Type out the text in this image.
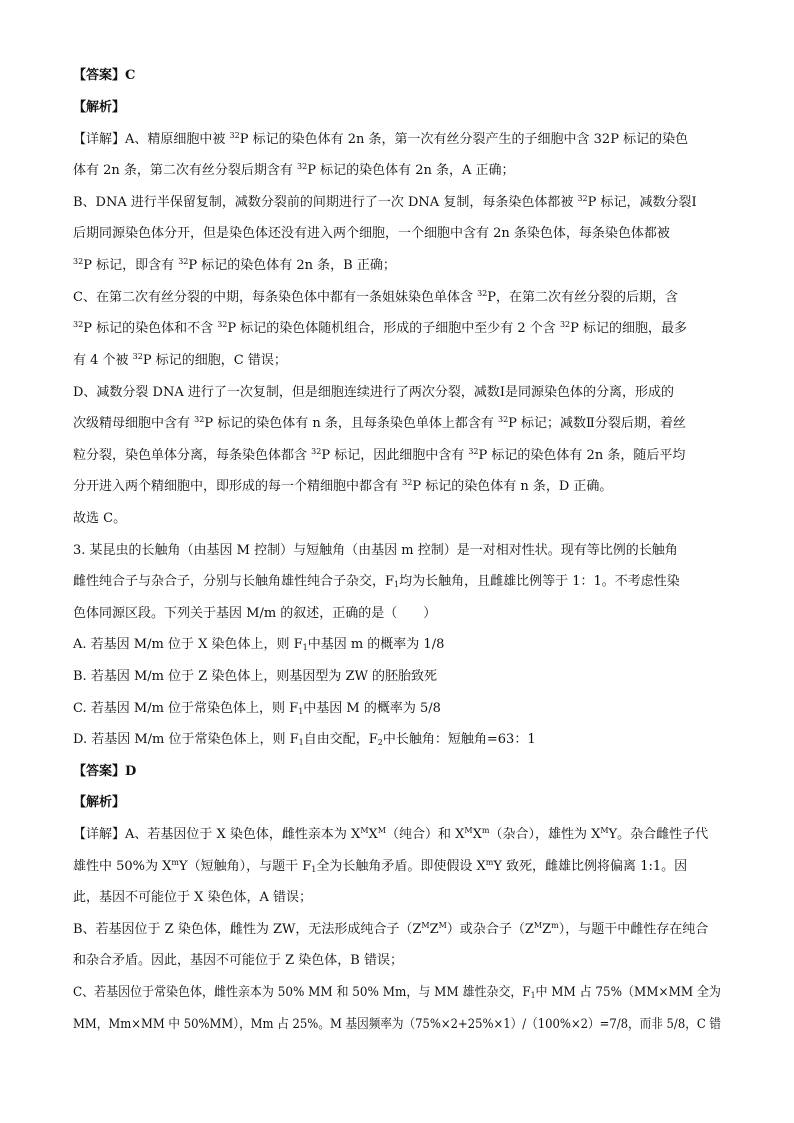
【答案】C
【解析】
【详解】A、精原细胞中被 $^{32}$P 标记的染色体有 2n 条，第一次有丝分裂产生的子细胞中含 32P 标记的染色
体有 2n 条，第二次有丝分裂后期含有 $^{32}$P 标记的染色体有 2n 条，A 正确；
B、DNA 进行半保留复制，减数分裂前的间期进行了一次 DNA 复制，每条染色体都被 $^{32}$P 标记，减数分裂Ⅰ
后期同源染色体分开，但是染色体还没有进入两个细胞，一个细胞中含有 2n 条染色体，每条染色体都被
$^{32}$P 标记，即含有 $^{32}$P 标记的染色体有 2n 条，B 正确；
C、在第二次有丝分裂的中期，每条染色体中都有一条姐妹染色单体含 $^{32}$P，在第二次有丝分裂的后期，含
$^{32}$P 标记的染色体和不含 $^{32}$P 标记的染色体随机组合，形成的子细胞中至少有 2 个含 $^{32}$P 标记的细胞，最多
有 4 个被 $^{32}$P 标记的细胞，C 错误；
D、减数分裂 DNA 进行了一次复制，但是细胞连续进行了两次分裂，减数Ⅰ是同源染色体的分离，形成的
次级精母细胞中含有 $^{32}$P 标记的染色体有 n 条，且每条染色单体上都含有 $^{32}$P 标记；减数Ⅱ分裂后期，着丝
粒分裂，染色单体分离，每条染色体都含 $^{32}$P 标记，因此细胞中含有 $^{32}$P 标记的染色体有 2n 条，随后平均
分开进入两个精细胞中，即形成的每一个精细胞中都含有 $^{32}$P 标记的染色体有 n 条，D 正确。
故选 C。
3. 某昆虫的长触角（由基因 M 控制）与短触角（由基因 m 控制）是一对相对性状。现有等比例的长触角
雌性纯合子与杂合子，分别与长触角雄性纯合子杂交，$F_1$均为长触角，且雌雄比例等于 1：1。不考虑性染
色体同源区段。下列关于基因 M/m 的叙述，正确的是（　　）
A. 若基因 M/m 位于 X 染色体上，则 $F_1$中基因 m 的概率为 1/8
B. 若基因 M/m 位于 Z 染色体上，则基因型为 ZW 的胚胎致死
C. 若基因 M/m 位于常染色体上，则 $F_1$中基因 M 的概率为 5/8
D. 若基因 M/m 位于常染色体上，则 $F_1$自由交配，$F_2$中长触角：短触角=63：1
【答案】D
【解析】
【详解】A、若基因位于 X 染色体，雌性亲本为 $X^MX^M$（纯合）和 $X^MX^m$（杂合），雄性为 $X^MY$。杂合雌性子代
雄性中 50%为 $X^mY$（短触角），与题干 $F_1$全为长触角矛盾。即使假设 $X^mY$ 致死，雌雄比例将偏离 1:1。因
此，基因不可能位于 X 染色体，A 错误；
B、若基因位于 Z 染色体，雌性为 ZW，无法形成纯合子$(Z^MZ^M)$或杂合子$(Z^MZ^m)$，与题干中雌性存在纯合
和杂合矛盾。因此，基因不可能位于 Z 染色体，B 错误；
C、若基因位于常染色体，雌性亲本为 50% MM 和 50% Mm，与 MM 雄性杂交，$F_1$中 MM 占 75%（MM×MM 全为
MM，Mm×MM 中 50%MM），Mm 占 25%。M 基因频率为（75%×2+25%×1）/（100%×2）=7/8，而非 5/8，C 错
